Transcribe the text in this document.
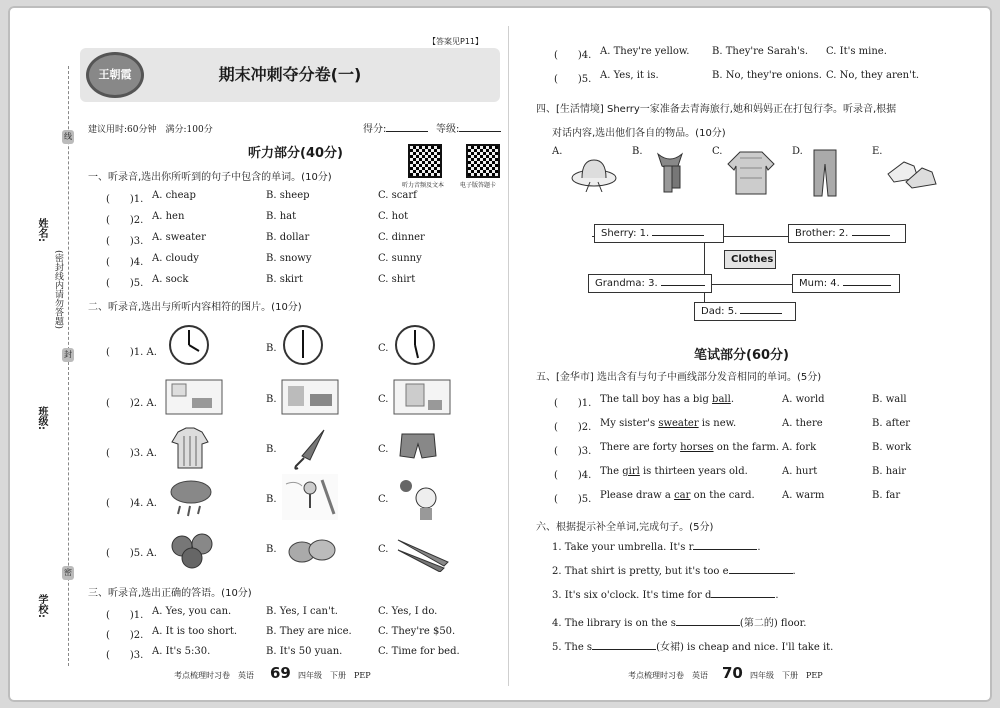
线
封
密
姓名:
班级:
学校:
(密封线内请勿答题)
【答案见P11】
期末冲刺夺分卷(一)
王朝霞
建议用时:60分钟　满分:100分	得分:	等级:
听力部分(40分)
听力音频及文本	电子版答题卡
一、听录音,选出你所听到的句子中包含的单词。(10分)
(　　)1. A. cheap	B. sheep	C. scarf
(　　)2. A. hen	B. hat	C. hot
(　　)3. A. sweater	B. dollar	C. dinner
(　　)4. A. cloudy	B. snowy	C. sunny
(　　)5. A. sock	B. skirt	C. shirt
二、听录音,选出与所听内容相符的图片。(10分)
(　　)1. A.	B.	C.
(　　)2. A.	B.	C.
(　　)3. A.	B.	C.
(　　)4. A.	B.	C.
(　　)5. A.	B.	C.
三、听录音,选出正确的答语。(10分)
(　　)1. A. Yes, you can.	B. Yes, I can't.	C. Yes, I do.
(　　)2. A. It is too short.	B. They are nice.	C. They're $50.
(　　)3. A. It's 5:30.	B. It's 50 yuan.	C. Time for bed.
考点梳理时习卷　英语 69 四年级　下册　PEP
(　　)4. A. They're yellow. B. They're Sarah's. C. It's mine.
(　　)5. A. Yes, it is.	B. No, they're onions. C. No, they aren't.
四、[生活情境] Sherry一家准备去青海旅行,她和妈妈正在打包行李。听录音,根据
对话内容,选出他们各自的物品。(10分)
A.	B.	C.	D.	E.
Sherry: 1.	Brother: 2.
Clothes
Grandma: 3.	Mum: 4.
Dad: 5.
笔试部分(60分)
五、[金华市] 选出含有与句子中画线部分发音相同的单词。(5分)
(　　)1. The tall boy has a big ball.	A. world	B. wall
(　　)2. My sister's sweater is new.	A. there	B. after
(　　)3. There are forty horses on the farm. A. fork	B. work
(　　)4. The girl is thirteen years old.	A. hurt	B. hair
(　　)5. Please draw a car on the card.	A. warm	B. far
六、根据提示补全单词,完成句子。(5分)
1. Take your umbrella. It's r	.
2. That shirt is pretty, but it's too e	.
3. It's six o'clock. It's time for d	.
4. The library is on the s	(第二的) floor.
5. The s	(女裙) is cheap and nice. I'll take it.
考点梳理时习卷　英语 70 四年级　下册　PEP
